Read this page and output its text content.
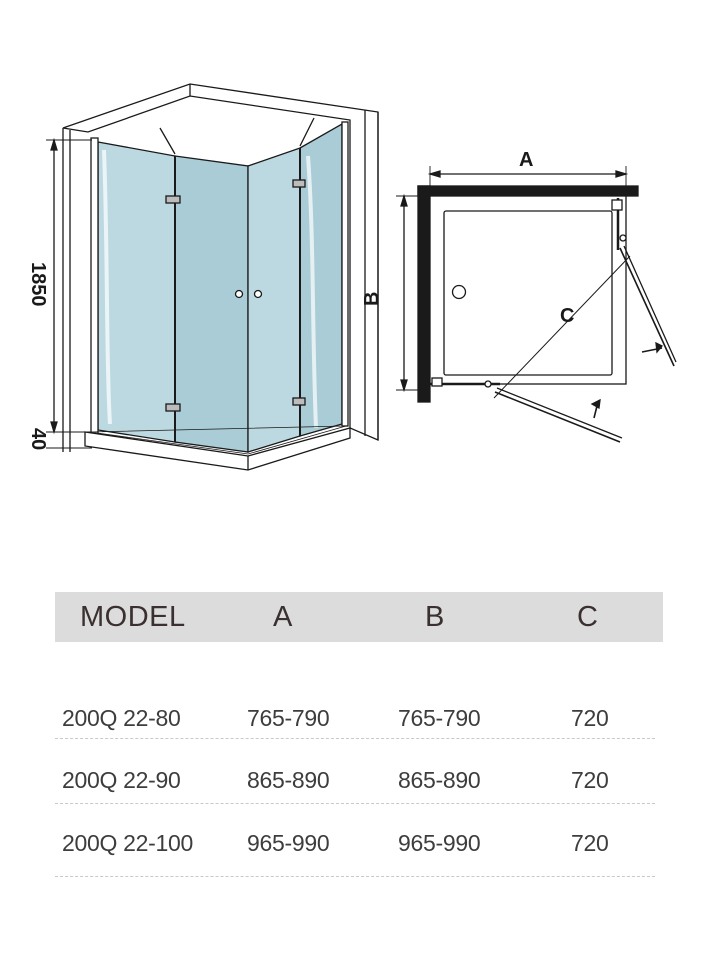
1850
40
A
B
C
MODEL	A	B	C
200Q 22-80	765-790	765-790	720
200Q 22-90	865-890	865-890	720
200Q 22-100 965-990	965-990	720
